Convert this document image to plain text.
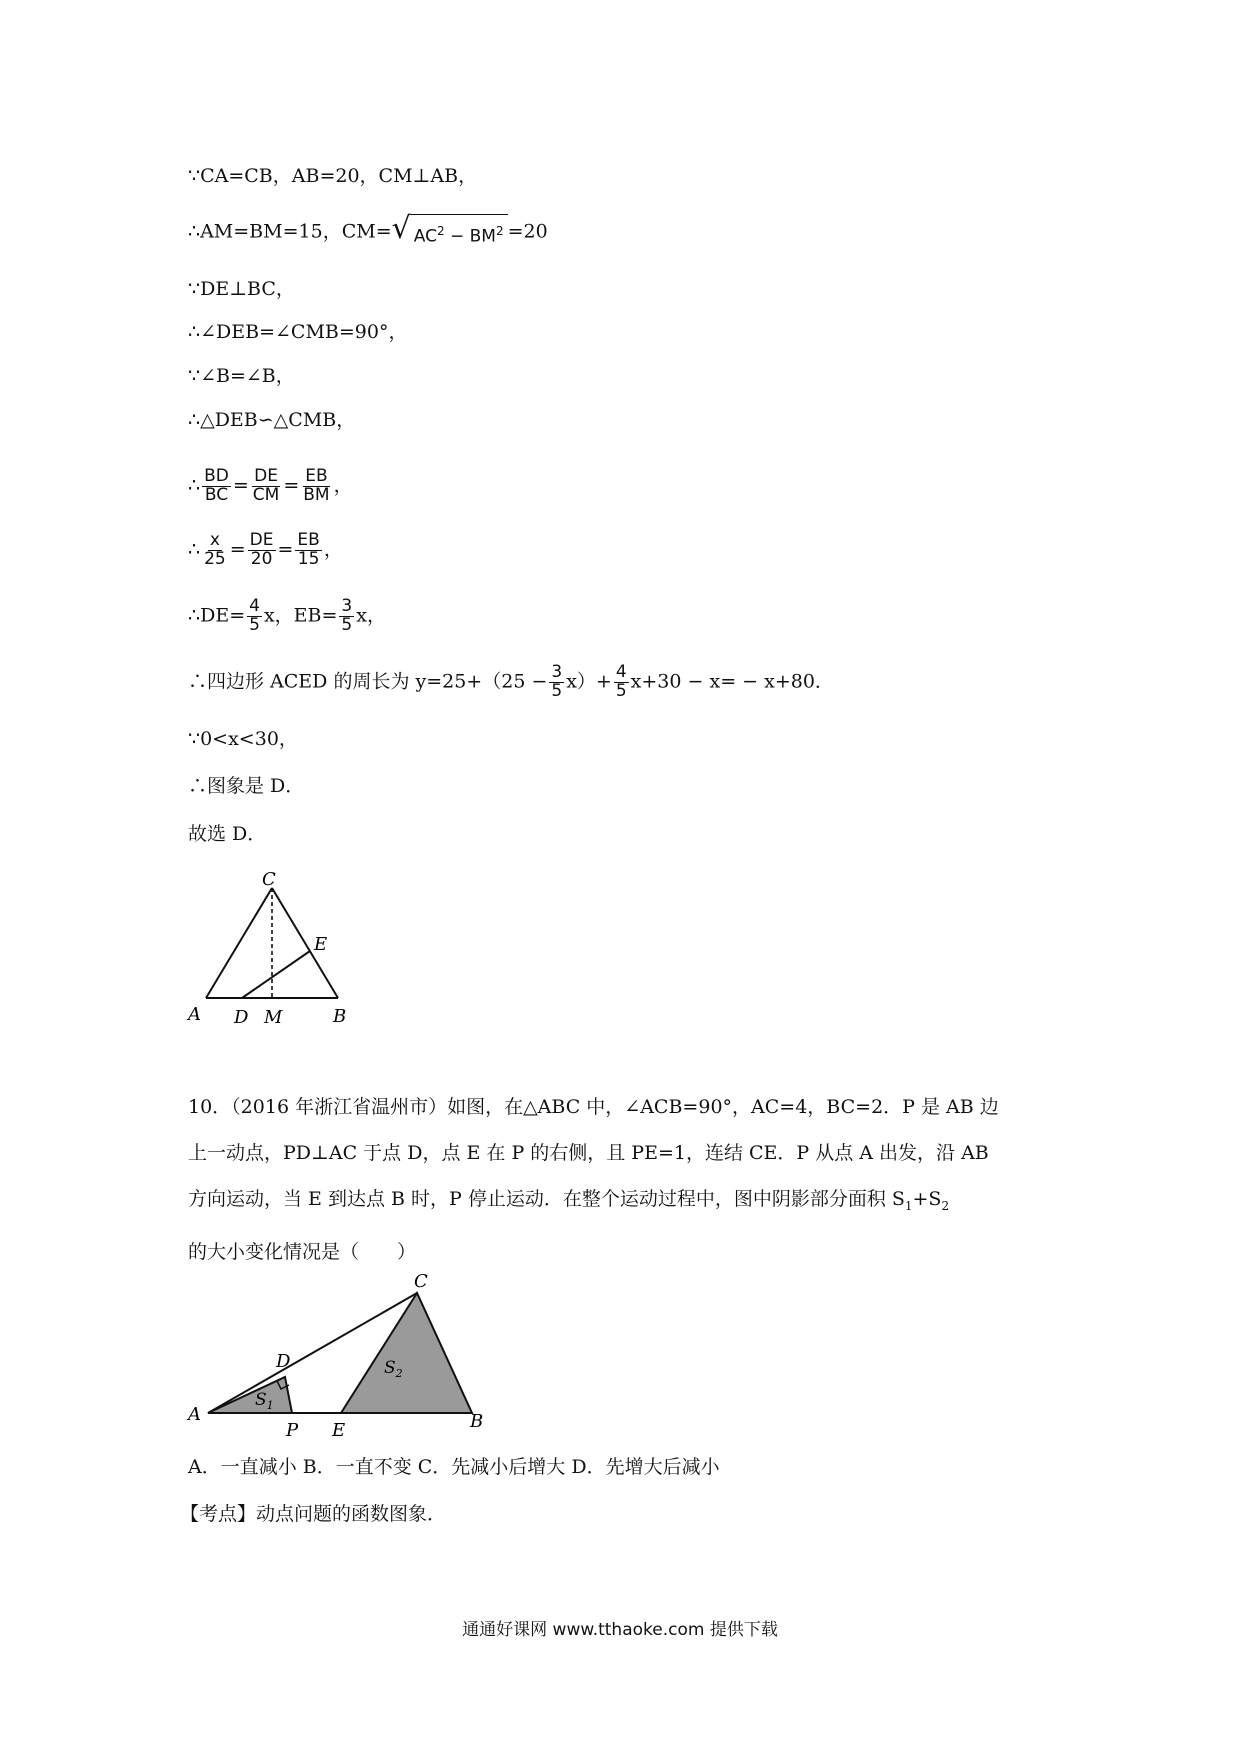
∵CA=CB，AB=20，CM⊥AB，
∴AM=BM=15，CM= √ $AC^2 - BM^2 =20$
∵DE⊥BC，
∴∠DEB=∠CMB=90°，
∵∠B=∠B，
∴△DEB∽△CMB，
∴ $\frac{BD}{BC} = \frac{DE}{CM} = \frac{EB}{BM}$ ，
∴ $\frac{x}{25} = \frac{DE}{20} = \frac{EB}{15}$ ，
∴DE= $\frac{4}{5}$ x，$EB= \frac{3}{5}$ x，
∴四边形 ACED 的周长为 $y=25+(25 - \frac{3}{5} x)+ \frac{4}{5} x+30 - x= - x+80$．
∵0<x<30，
∴图象是 D．
故选 D．
C
E
A D M	B
10．（2016 年浙江省温州市）如图，在△ABC 中，∠ACB=90°，AC=4，BC=2．P 是 AB 边
上一动点，PD⊥AC 于点 D，点 E 在 P 的右侧，且 PE=1，连结 CE．P 从点 A 出发，沿 AB
方向运动，当 E 到达点 B 时，P 停止运动．在整个运动过程中，图中阴影部分面积 $S_1+S_2$
的大小变化情况是（　　）
C
D
A
$S_1$
$S_2$
P E	B
A．一直减小 B．一直不变 C．先减小后增大 D．先增大后减小
【考点】动点问题的函数图象．
通通好课网 www.tthaoke.com 提供下载
